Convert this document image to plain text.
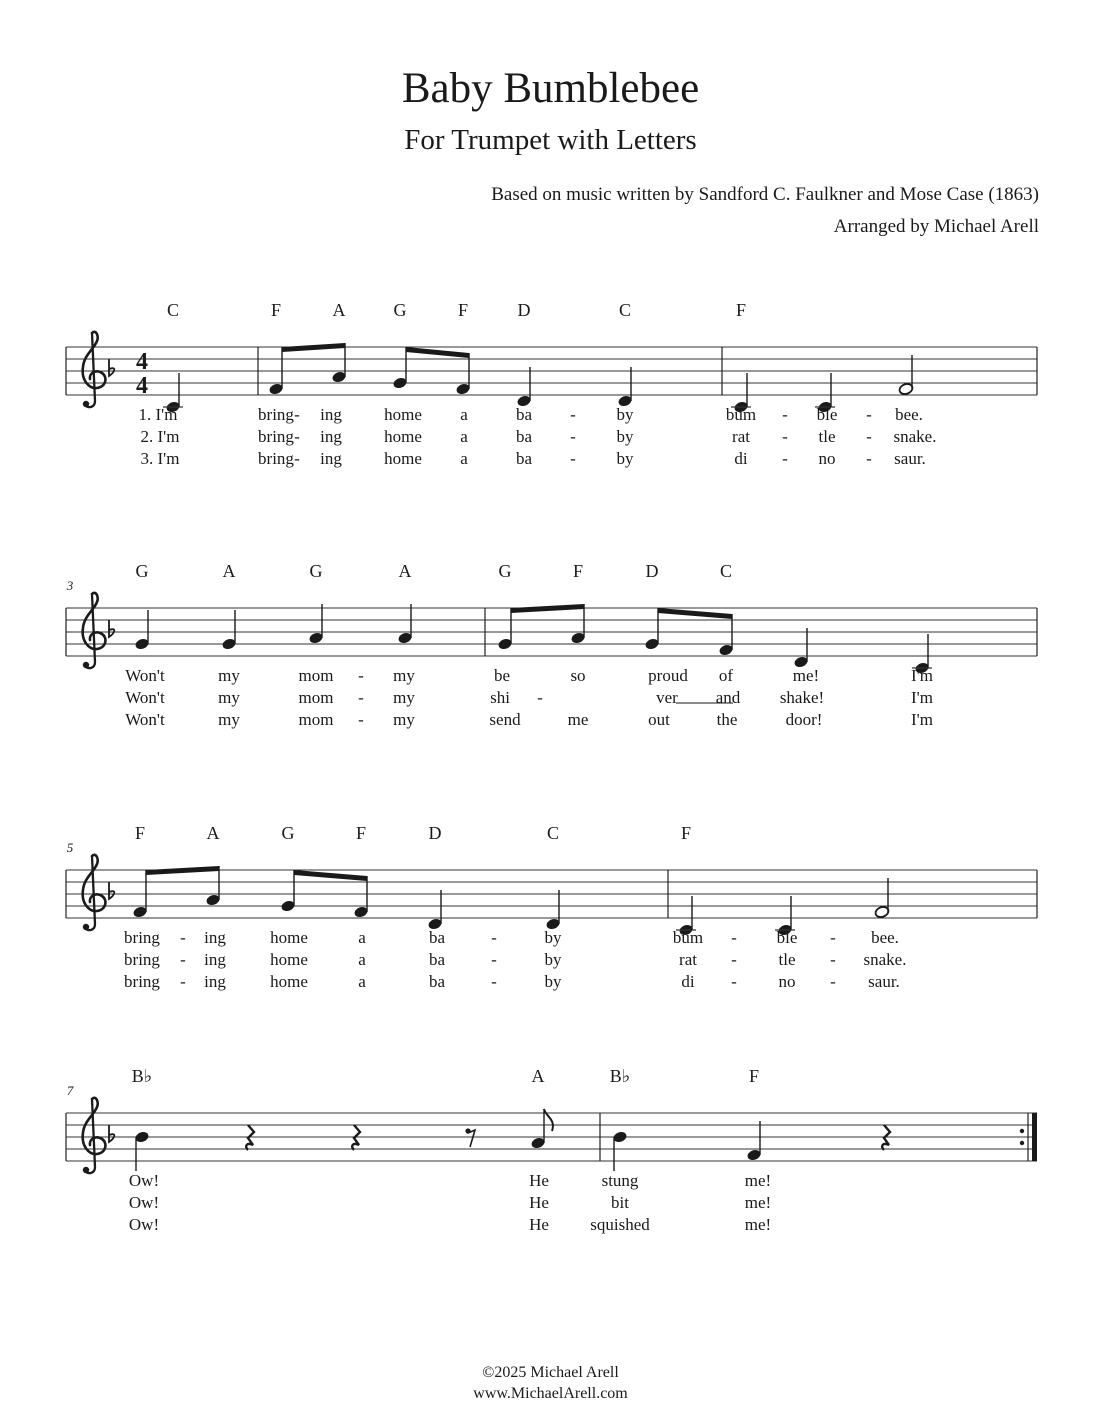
Baby Bumblebee
For Trumpet with Letters
Based on music written by Sandford C. Faulkner and Mose Case (1863)
Arranged by Michael Arell
4
4
C	F	A	G	F	D	C	F
1. I'm	bring - ing home a	ba - by	bum - ble - bee.
2. I'm	bring - ing home a	ba - by	rat - tle - snake.
3. I'm	bring - ing home a	ba - by	di - no - saur.
3
G	A	G	A	G	F	D	C
Won't	my	mom - my	be	so	proud of	me!	I'm
Won't	my	mom - my	shi -	ver and shake!	I'm
Won't	my	mom - my	send	me	out	the	door!	I'm
5
F	A	G	F	D	C	F
bring - ing	home	a	ba	-	by	bum - ble - bee.
bring - ing	home	a	ba	-	by	rat - tle - snake.
bring - ing	home	a	ba	-	by	di - no - saur.
7
B♭	A	B♭	F
Ow!	He	stung	me!
Ow!	He	bit	me!
Ow!	He squished	me!
©2025 Michael Arell
www.MichaelArell.com
